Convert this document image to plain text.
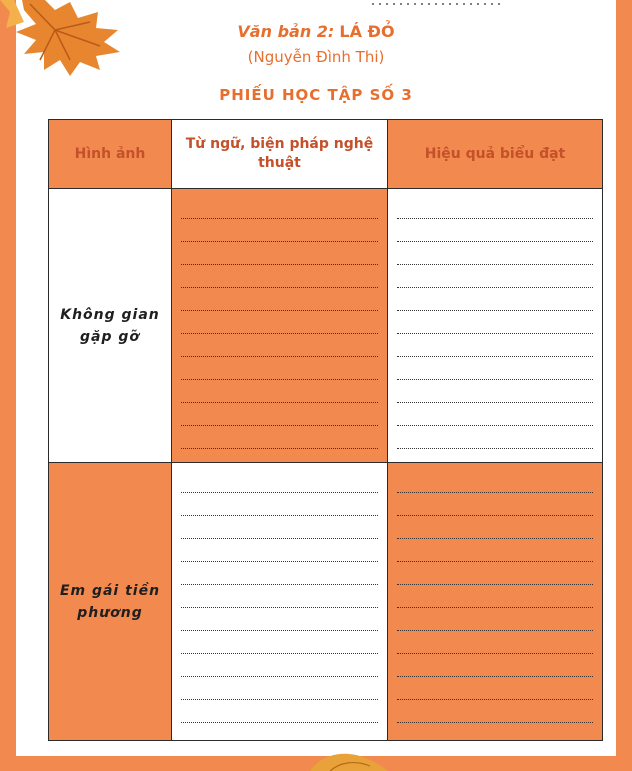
Văn bản 2: LÁ ĐỎ
(Nguyễn Đình Thi)
PHIẾU HỌC TẬP SỐ 3
Hình ảnh	Từ ngữ, biện pháp nghệ thuật	Hiệu quả biểu đạt

Không gian
gặp gỡ		

Em gái tiền
phương		
